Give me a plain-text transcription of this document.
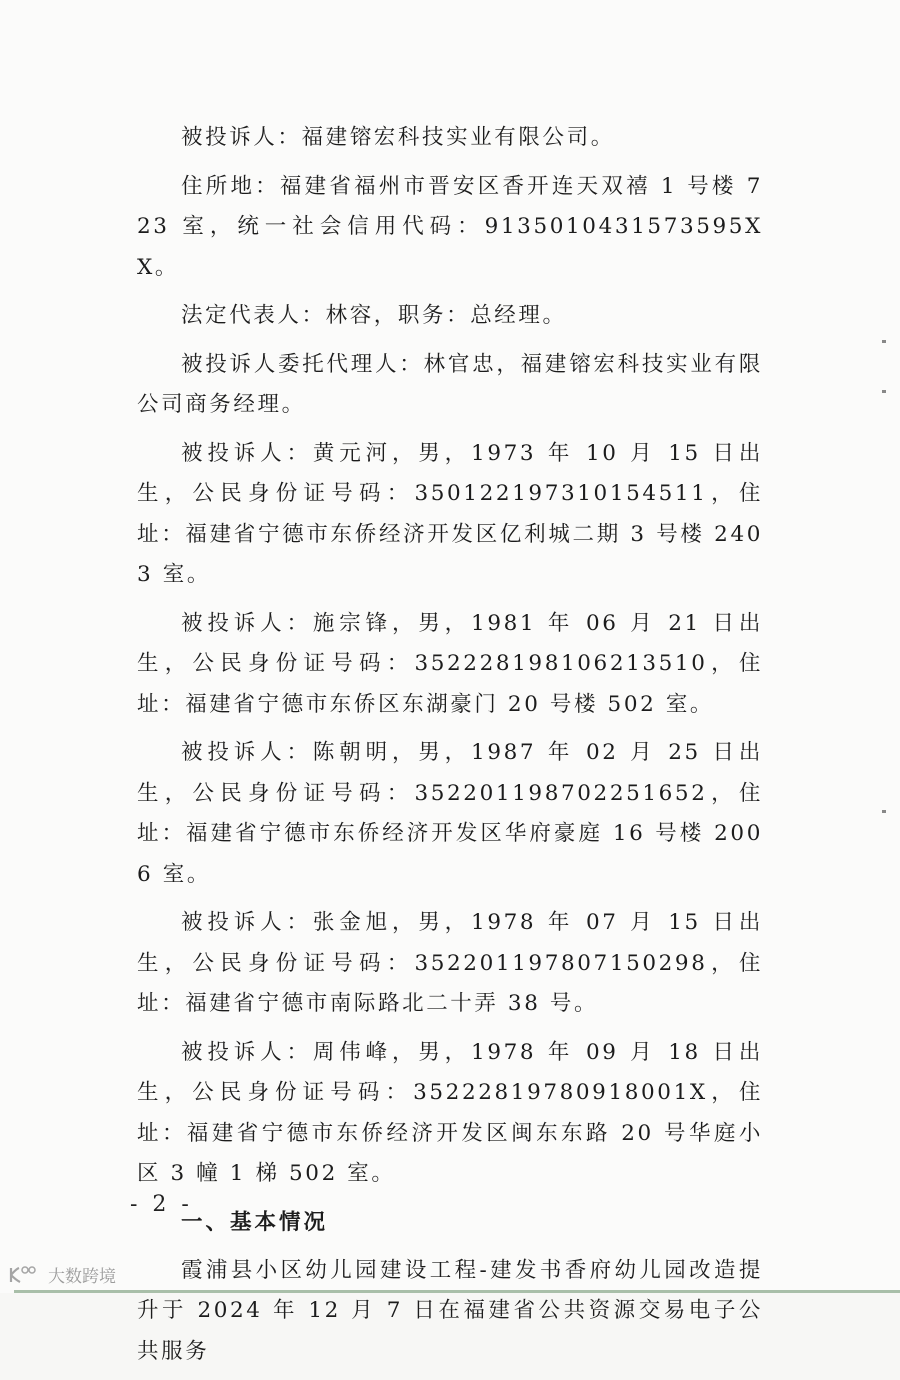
被投诉人：福建镕宏科技实业有限公司。

住所地：福建省福州市晋安区香开连天双禧 1 号楼 723 室，统一社会信用代码：9135010431573595XX。

法定代表人：林容，职务：总经理。

被投诉人委托代理人：林官忠，福建镕宏科技实业有限公司商务经理。

被投诉人：黄元河，男，1973 年 10 月 15 日出生，公民身份证号码：350122197310154511，住址：福建省宁德市东侨经济开发区亿利城二期 3 号楼 2403 室。

被投诉人：施宗锋，男，1981 年 06 月 21 日出生，公民身份证号码：352228198106213510，住址：福建省宁德市东侨区东湖豪门 20 号楼 502 室。

被投诉人：陈朝明，男，1987 年 02 月 25 日出生，公民身份证号码：352201198702251652，住址：福建省宁德市东侨经济开发区华府豪庭 16 号楼 2006 室。

被投诉人：张金旭，男，1978 年 07 月 15 日出生，公民身份证号码：352201197807150298，住址：福建省宁德市南际路北二十弄 38 号。

被投诉人：周伟峰，男，1978 年 09 月 18 日出生，公民身份证号码：35222819780918001X，住址：福建省宁德市东侨经济开发区闽东东路 20 号华庭小区 3 幢 1 梯 502 室。

一、基本情况

霞浦县小区幼儿园建设工程-建发书香府幼儿园改造提升于 2024 年 12 月 7 日在福建省公共资源交易电子公共服务

- 2 -
大数跨境
